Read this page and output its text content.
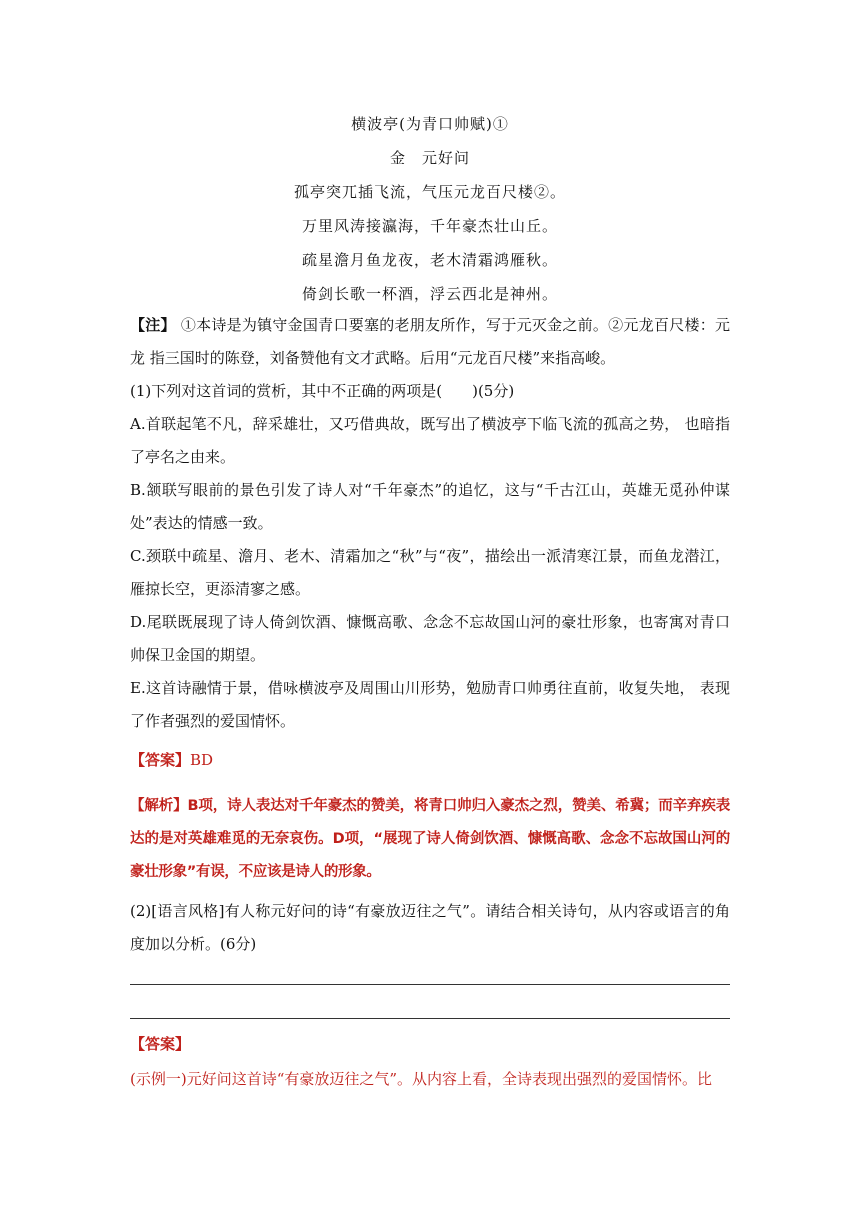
横波亭(为青口帅赋)①
金　元好问
孤亭突兀插飞流，气压元龙百尺楼②。
万里风涛接瀛海，千年豪杰壮山丘。
疏星澹月鱼龙夜，老木清霜鸿雁秋。
倚剑长歌一杯酒，浮云西北是神州。
【注】 ①本诗是为镇守金国青口要塞的老朋友所作，写于元灭金之前。②元龙百尺楼：元龙 指三国时的陈登，刘备赞他有文才武略。后用“元龙百尺楼”来指高峻。
(1)下列对这首词的赏析，其中不正确的两项是(　　)(5分)
A.首联起笔不凡，辞采雄壮，又巧借典故，既写出了横波亭下临飞流的孤高之势， 也暗指了亭名之由来。
B.颔联写眼前的景色引发了诗人对“千年豪杰”的追忆，这与“千古江山，英雄无觅孙仲谋处”表达的情感一致。
C.颈联中疏星、澹月、老木、清霜加之“秋”与“夜”，描绘出一派清寒江景，而鱼龙潜江，雁掠长空，更添清寥之感。
D.尾联既展现了诗人倚剑饮酒、慷慨高歌、念念不忘故国山河的豪壮形象，也寄寓对青口帅保卫金国的期望。
E.这首诗融情于景，借咏横波亭及周围山川形势，勉励青口帅勇往直前，收复失地， 表现了作者强烈的爱国情怀。
【答案】BD
【解析】B项，诗人表达对千年豪杰的赞美，将青口帅归入豪杰之烈，赞美、希冀；而辛弃疾表达的是对英雄难觅的无奈哀伤。D项，“展现了诗人倚剑饮酒、慷慨高歌、念念不忘故国山河的豪壮形象”有误，不应该是诗人的形象。
(2)[语言风格]有人称元好问的诗“有豪放迈往之气”。请结合相关诗句，从内容或语言的角度加以分析。(6分)
【答案】
(示例一)元好问这首诗“有豪放迈往之气”。从内容上看，全诗表现出强烈的爱国情怀。比
